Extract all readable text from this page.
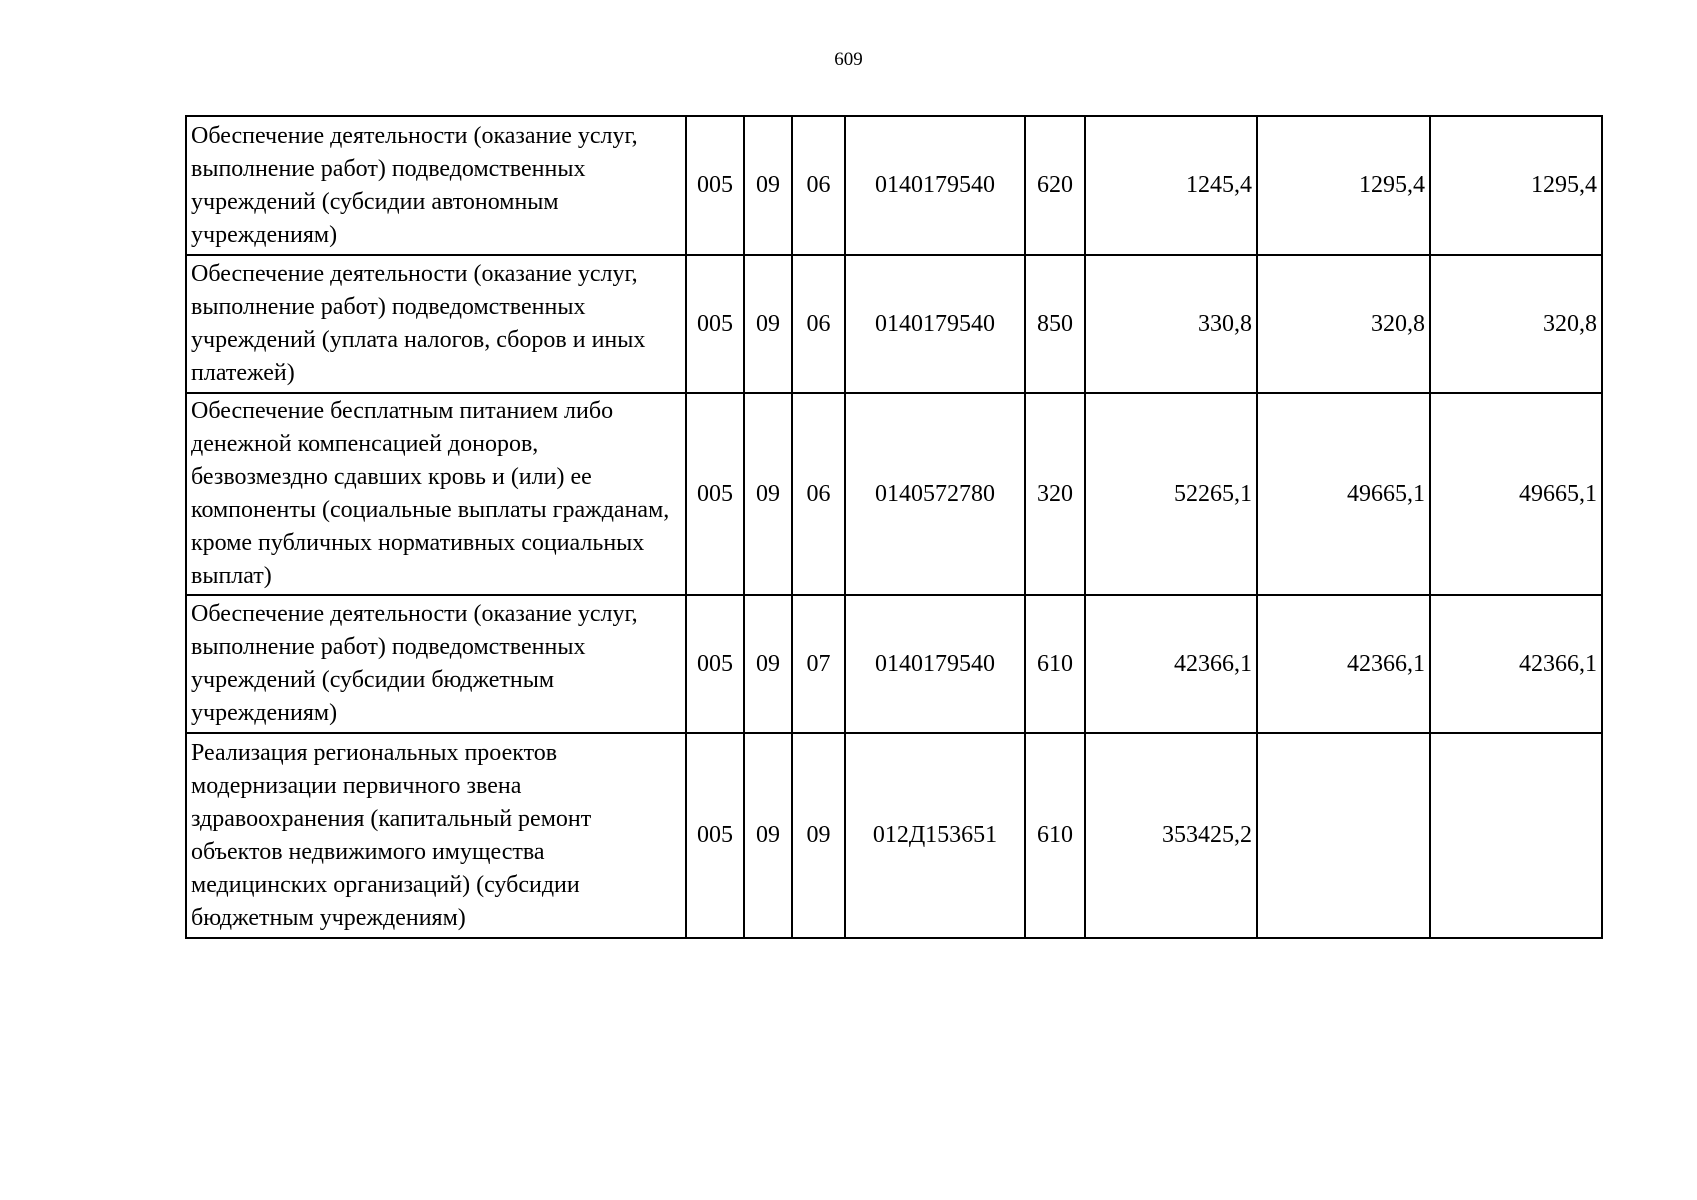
609
Обеспечение деятельности (оказание услуг, выполнение работ) подведомственных учреждений (субсидии автономным учреждениям)	005	09	06	0140179540	620	1245,4	1295,4	1295,4
Обеспечение деятельности (оказание услуг, выполнение работ) подведомственных учреждений (уплата налогов, сборов и иных платежей)	005	09	06	0140179540	850	330,8	320,8	320,8
Обеспечение бесплатным питанием либо денежной компенсацией доноров, безвозмездно сдавших кровь и (или) ее компоненты (социальные выплаты гражданам, кроме публичных нормативных социальных выплат)	005	09	06	0140572780	320	52265,1	49665,1	49665,1
Обеспечение деятельности (оказание услуг, выполнение работ) подведомственных учреждений (субсидии бюджетным учреждениям)	005	09	07	0140179540	610	42366,1	42366,1	42366,1
Реализация региональных проектов модернизации первичного звена здравоохранения (капитальный ремонт объектов недвижимого имущества медицинских организаций) (субсидии бюджетным учреждениям)	005	09	09	012Д153651	610	353425,2		
